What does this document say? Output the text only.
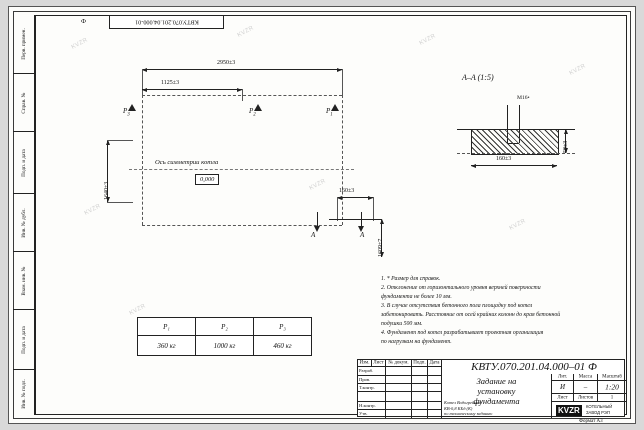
KVZR
KVZR
KVZR
KVZR
KVZR
KVZR
KVZR
KVZR
Перв. примен.
Справ. №
Подп. и дата
Инв. № дубл.
Взам. инв. №
Подп. и дата
Инв. № подл.
КВТУ.070.201.04.000-01
Ф
2950±3
1125±3
$P_3$	$P_2$	$P_1$
1640±3
1609±7
Ось симметрии котла
0,000
160±3
A	A
A–A (1:5)
M16•
160±3
50±3
P₁	P₂	P₃
360 кг	1000 кг	460 кг
1. * Размер для справок.
2. Отклонение от горизонтального уровня верхней поверхности
фундамента не более 10 мм.
3. В случае отсутствия бетонного пола площадку под котел
забетонировать. Расстояние от осей крайних колонн до края бетонной
подушки 500 мм.
4. Фундамент под котел разрабатывает проектная организация
по нагрузкам на фундамент.
КВТУ.070.201.04.000–01 Ф
Изм. Лист № докум. Подп. Дата
Разраб.
Пров.
Т.контр.
Н.контр.
Утв.
Задание на
установку
фундамента
Котел Водогрейный
КВ-0,8 КБд (К)
по техническому заданию
Лит.	Масса	Масштаб
И	–	1:20
Лист	Листов	1
KVZR	КОТЕЛЬНЫЙ
ЗАВОД РЭП
Формат А3
